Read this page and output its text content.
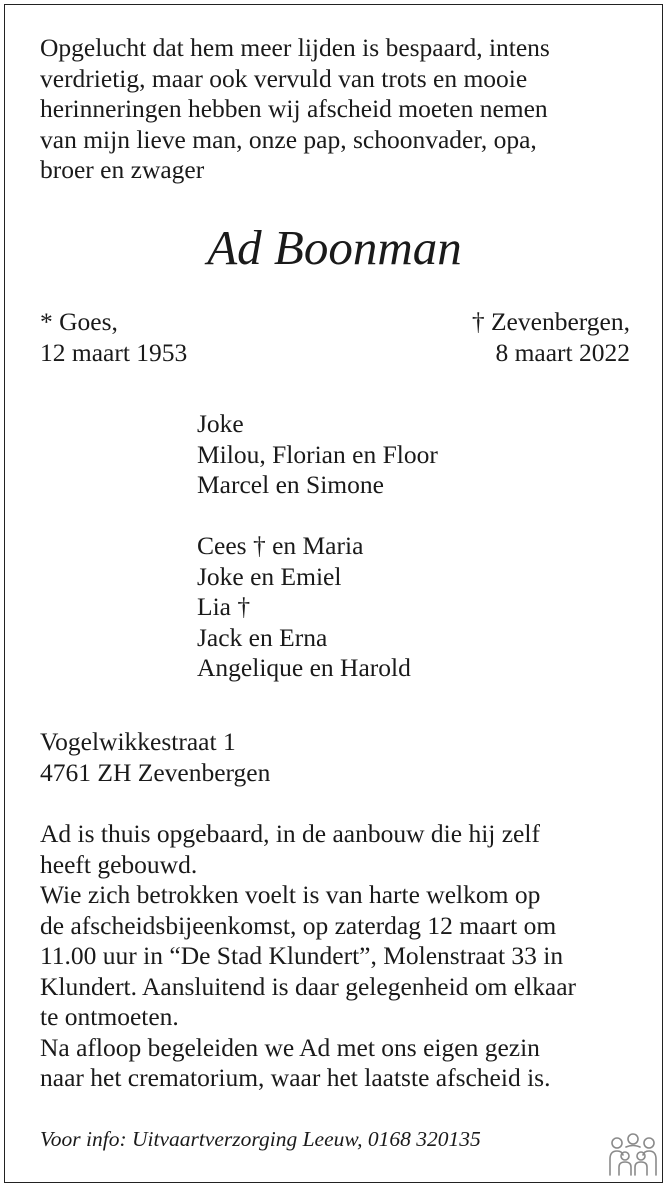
Opgelucht dat hem meer lijden is bespaard, intens
verdrietig, maar ook vervuld van trots en mooie
herinneringen hebben wij afscheid moeten nemen
van mijn lieve man, onze pap, schoonvader, opa,
broer en zwager
Ad Boonman
* Goes,
12 maart 1953
† Zevenbergen,
8 maart 2022
Joke
Milou, Florian en Floor
Marcel en Simone
Cees † en Maria
Joke en Emiel
Lia †
Jack en Erna
Angelique en Harold
Vogelwikkestraat 1
4761 ZH Zevenbergen
Ad is thuis opgebaard, in de aanbouw die hij zelf
heeft gebouwd.
Wie zich betrokken voelt is van harte welkom op
de afscheidsbijeenkomst, op zaterdag 12 maart om
11.00 uur in “De Stad Klundert”, Molenstraat 33 in
Klundert. Aansluitend is daar gelegenheid om elkaar
te ontmoeten.
Na afloop begeleiden we Ad met ons eigen gezin
naar het crematorium, waar het laatste afscheid is.
Voor info: Uitvaartverzorging Leeuw, 0168 320135
